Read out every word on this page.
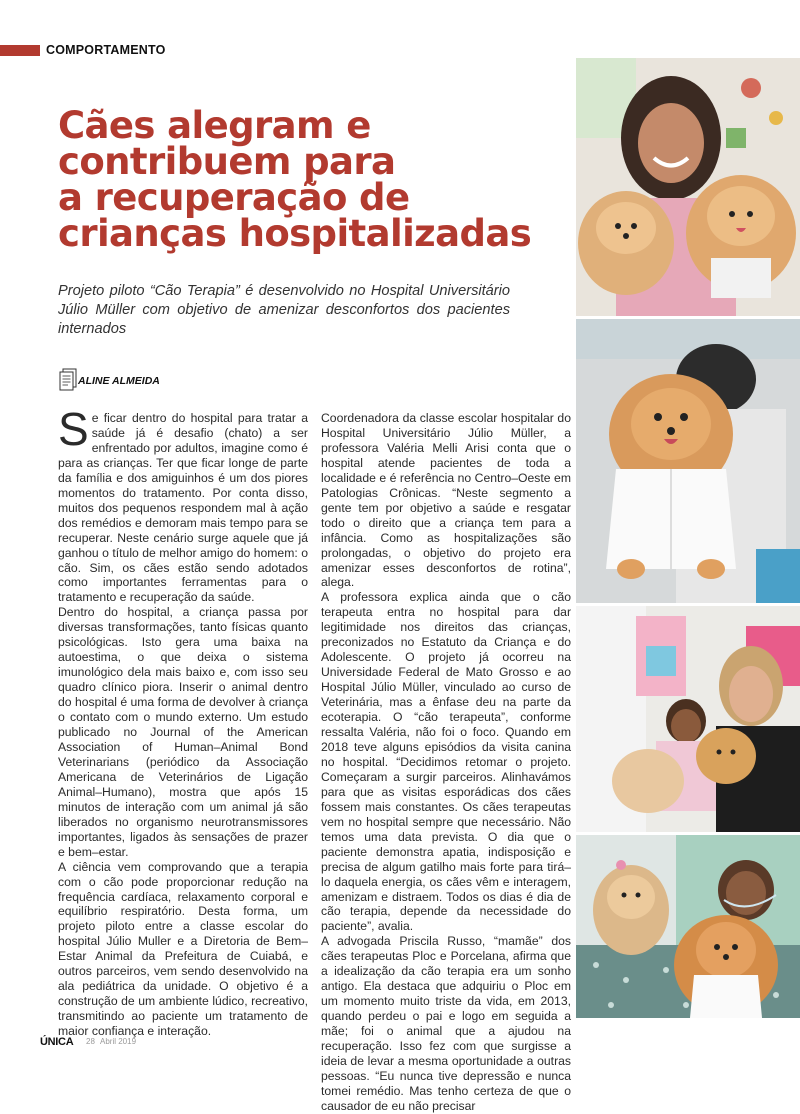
COMPORTAMENTO
Cães alegram e
contribuem para
a recuperação de
crianças hospitalizadas

Projeto piloto “Cão Terapia” é desenvolvido no Hospital Universitário Júlio Müller com objetivo de amenizar desconfortos dos pacientes internados

ALINE ALMEIDA

Se ficar dentro do hospital para tratar a saúde já é desafio (chato) a ser enfrentado por adultos, imagine como é para as crianças. Ter que ficar longe de parte da família e dos amiguinhos é um dos piores momentos do tratamento. Por conta disso, muitos dos pequenos respondem mal à ação dos remédios e demoram mais tempo para se recuperar. Neste cenário surge aquele que já ganhou o título de melhor amigo do homem: o cão. Sim, os cães estão sendo adotados como importantes ferramentas para o tratamento e recuperação da saúde.

Dentro do hospital, a criança passa por diversas transformações, tanto físicas quanto psicológicas. Isto gera uma baixa na autoestima, o que deixa o sistema imunológico dela mais baixo e, com isso seu quadro clínico piora. Inserir o animal dentro do hospital é uma forma de devolver à criança o contato com o mundo externo. Um estudo publicado no Journal of the American Association of Human–Animal Bond Veterinarians (periódico da Associação Americana de Veterinários de Ligação Animal–Humano), mostra que após 15 minutos de interação com um animal já são liberados no organismo neurotransmissores importantes, ligados às sensações de prazer e bem–estar.

A ciência vem comprovando que a terapia com o cão pode proporcionar redução na frequência cardíaca, relaxamento corporal e equilíbrio respiratório. Desta forma, um projeto piloto entre a classe escolar do hospital Júlio Muller e a Diretoria de Bem–Estar Animal da Prefeitura de Cuiabá, e outros parceiros, vem sendo desenvolvido na ala pediátrica da unidade. O objetivo é a construção de um ambiente lúdico, recreativo, transmitindo ao paciente um tratamento de maior confiança e interação.

Coordenadora da classe escolar hospitalar do Hospital Universitário Júlio Müller, a professora Valéria Melli Arisi conta que o hospital atende pacientes de toda a localidade e é referência no Centro–Oeste em Patologias Crônicas. “Neste segmento a gente tem por objetivo a saúde e resgatar todo o direito que a criança tem para a infância. Como as hospitalizações são prolongadas, o objetivo do projeto era amenizar esses desconfortos de rotina”, alega.

A professora explica ainda que o cão terapeuta entra no hospital para dar legitimidade nos direitos das crianças, preconizados no Estatuto da Criança e do Adolescente. O projeto já ocorreu na Universidade Federal de Mato Grosso e ao Hospital Júlio Müller, vinculado ao curso de Veterinária, mas a ênfase deu na parte da ecoterapia. O “cão terapeuta”, conforme ressalta Valéria, não foi o foco. Quando em 2018 teve alguns episódios da visita canina no hospital. “Decidimos retomar o projeto. Começaram a surgir parceiros. Alinhavámos para que as visitas esporádicas dos cães fossem mais constantes. Os cães terapeutas vem no hospital sempre que necessário. Não temos uma data prevista. O dia que o paciente demonstra apatia, indisposição e precisa de algum gatilho mais forte para tirá–lo daquela energia, os cães vêm e interagem, amenizam e distraem. Todos os dias é dia de cão terapia, depende da necessidade do paciente”, avalia.

A advogada Priscila Russo, “mamãe” dos cães terapeutas Ploc e Porcelana, afirma que a idealização da cão terapia era um sonho antigo. Ela destaca que adquiriu o Ploc em um momento muito triste da vida, em 2013, quando perdeu o pai e logo em seguida a mãe; foi o animal que a ajudou na recuperação. Isso fez com que surgisse a ideia de levar a mesma oportunidade a outras pessoas. “Eu nunca tive depressão e nunca tomei remédio. Mas tenho certeza de que o causador de eu não precisar

ÚNICA 28 Abril 2019
